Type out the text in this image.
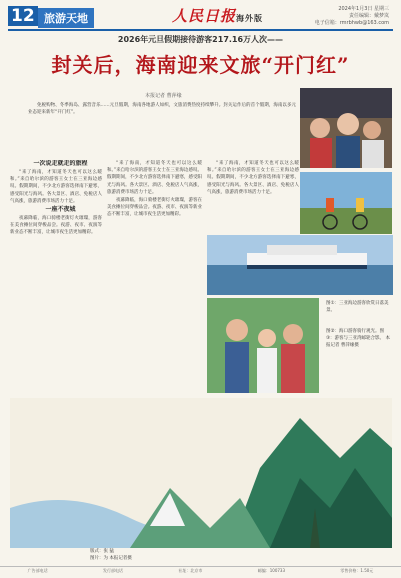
12 旅游天地	人民日报海外版
2024年1月3日 星期三
责任编辑：戴梦岚
电子信箱：rmrbhwb@163.com
2026年元旦假期接待游客217.16万人次——
封关后，海南迎来文旅“开门红”
本报记者 曹萍缘

免税购物、冬季海岛、露营音乐……元旦假期，海南各地游人如织，文旅消费热度持续攀升。封关运作后的首个假期，海南以多元业态迎来新年“开门红”。

一次说走就走的旅程

“来了海南，才知道冬天也可以这么暖和。”来自哈尔滨的游客王女士在三亚海边感叹。假期期间，不少北方游客选择南下避寒，感受阳光与海风。各大景区、酒店、免税店人气高涨，旅游消费市场活力十足。

一座不夜城

夜幕降临，海口骑楼老街灯火璀璨，游客在美食摊位间穿梭品尝。夜游、夜市、夜演等新业态不断丰富，让城市夜生活更加精彩。

“来了海南，才知道冬天也可以这么暖和。”来自哈尔滨的游客王女士在三亚海边感叹。假期期间，不少北方游客选择南下避寒，感受阳光与海风。各大景区、酒店、免税店人气高涨，旅游消费市场活力十足。

夜幕降临，海口骑楼老街灯火璀璨，游客在美食摊位间穿梭品尝。夜游、夜市、夜演等新业态不断丰富，让城市夜生活更加精彩。

“来了海南，才知道冬天也可以这么暖和。”来自哈尔滨的游客王女士在三亚海边感叹。假期期间，不少北方游客选择南下避寒，感受阳光与海风。各大景区、酒店、免税店人气高涨，旅游消费市场活力十足。

图②：海口游客骑行观光。图③：游客与三亚湾邮轮合影。 本报记者 曹萍缘摄
图①：三亚海边游客欣赏日落美景。
版式：张 猛
图片：为 本报记者摄
广告部电话	发行部电话	社址：北京市	邮编：100733	零售价格：1.50元
